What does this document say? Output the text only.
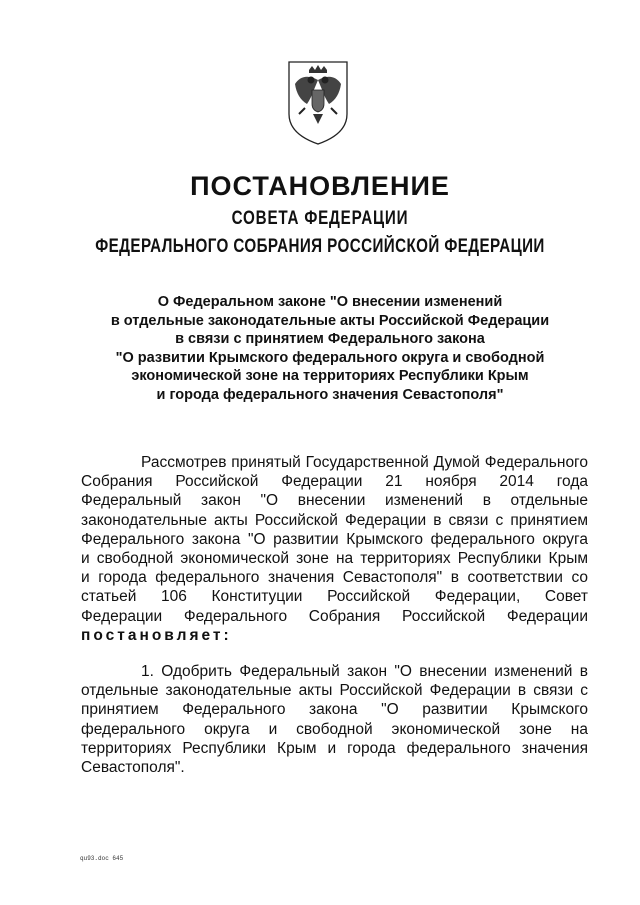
ПОСТАНОВЛЕНИЕ
СОВЕТА ФЕДЕРАЦИИ
ФЕДЕРАЛЬНОГО СОБРАНИЯ РОССИЙСКОЙ ФЕДЕРАЦИИ
О Федеральном законе "О внесении изменений
в отдельные законодательные акты Российской Федерации
в связи с принятием Федерального закона
"О развитии Крымского федерального округа и свободной
экономической зоне на территориях Республики Крым
и города федерального значения Севастополя"
Рассмотрев принятый Государственной Думой Федерального
Собрания Российской Федерации 21 ноября 2014 года
Федеральный закон "О внесении изменений в отдельные
законодательные акты Российской Федерации в связи с принятием
Федерального закона "О развитии Крымского федерального округа
и свободной экономической зоне на территориях Республики Крым
и города федерального значения Севастополя" в соответствии со
статьей 106 Конституции Российской Федерации, Совет
Федерации Федерального Собрания Российской Федерации
постановляет:
1. Одобрить Федеральный закон "О внесении изменений в
отдельные законодательные акты Российской Федерации в связи с
принятием Федерального закона "О развитии Крымского
федерального округа и свободной экономической зоне на
территориях Республики Крым и города федерального значения
Севастополя".
qu93.doc 645
